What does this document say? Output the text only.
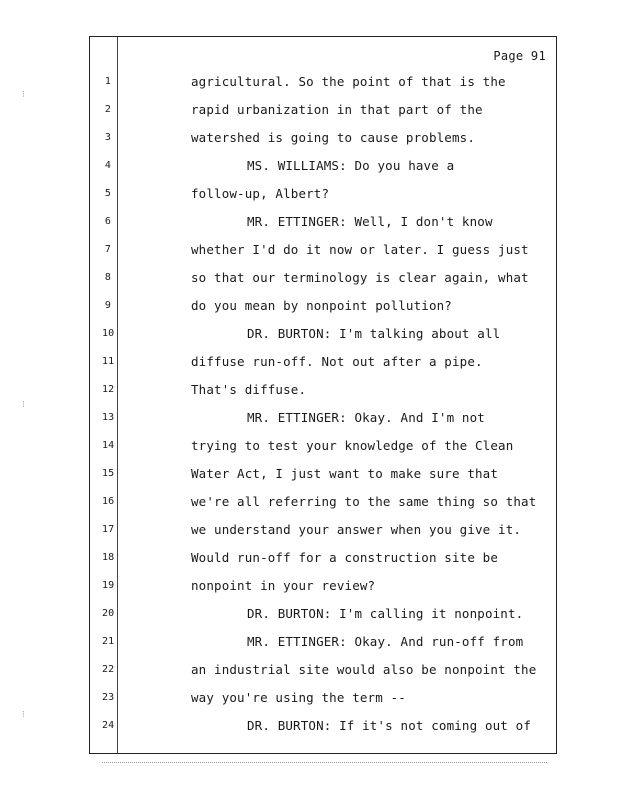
Page 91
1	agricultural. So the point of that is the
2	rapid urbanization in that part of the
3	watershed is going to cause problems.
4	MS. WILLIAMS: Do you have a
5	follow-up, Albert?
6	MR. ETTINGER: Well, I don't know
7	whether I'd do it now or later. I guess just
8	so that our terminology is clear again, what
9	do you mean by nonpoint pollution?
10	DR. BURTON: I'm talking about all
11	diffuse run-off. Not out after a pipe.
12	That's diffuse.
13	MR. ETTINGER: Okay. And I'm not
14	trying to test your knowledge of the Clean
15	Water Act, I just want to make sure that
16	we're all referring to the same thing so that
17	we understand your answer when you give it.
18	Would run-off for a construction site be
19	nonpoint in your review?
20	DR. BURTON: I'm calling it nonpoint.
21	MR. ETTINGER: Okay. And run-off from
22	an industrial site would also be nonpoint the
23	way you're using the term --
24	DR. BURTON: If it's not coming out of
⁝
⁝
⁝
